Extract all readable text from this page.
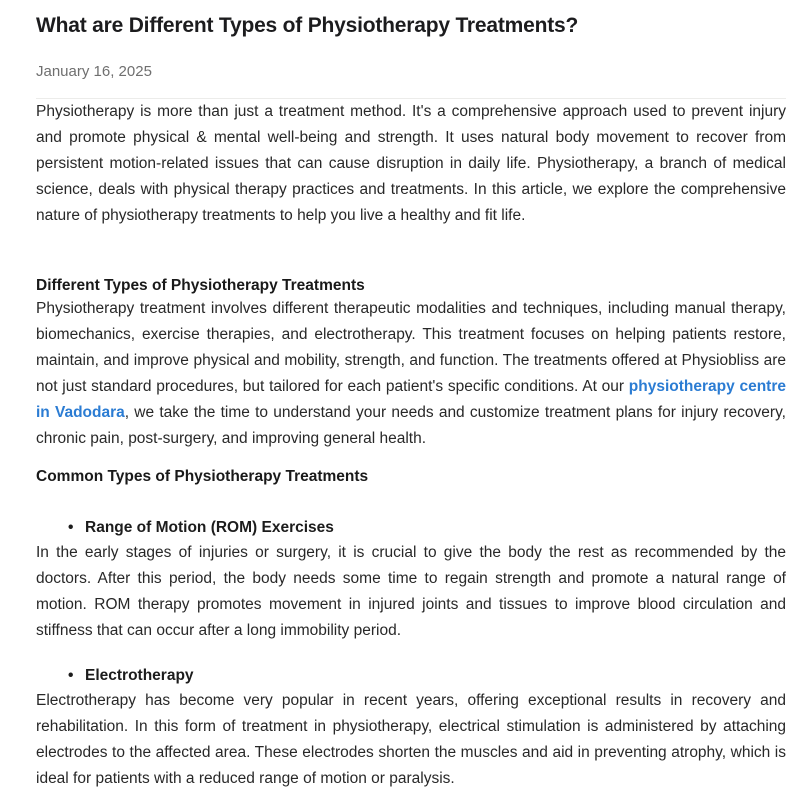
What are Different Types of Physiotherapy Treatments?
January 16, 2025

Physiotherapy is more than just a treatment method. It's a comprehensive approach used to prevent injury and promote physical & mental well-being and strength. It uses natural body movement to recover from persistent motion-related issues that can cause disruption in daily life. Physiotherapy, a branch of medical science, deals with physical therapy practices and treatments. In this article, we explore the comprehensive nature of physiotherapy treatments to help you live a healthy and fit life.

Different Types of Physiotherapy Treatments

Physiotherapy treatment involves different therapeutic modalities and techniques, including manual therapy, biomechanics, exercise therapies, and electrotherapy. This treatment focuses on helping patients restore, maintain, and improve physical and mobility, strength, and function. The treatments offered at Physiobliss are not just standard procedures, but tailored for each patient's specific conditions. At our physiotherapy centre in Vadodara, we take the time to understand your needs and customize treatment plans for injury recovery, chronic pain, post-surgery, and improving general health.

Common Types of Physiotherapy Treatments
• Range of Motion (ROM) Exercises

In the early stages of injuries or surgery, it is crucial to give the body the rest as recommended by the doctors. After this period, the body needs some time to regain strength and promote a natural range of motion. ROM therapy promotes movement in injured joints and tissues to improve blood circulation and stiffness that can occur after a long immobility period.

• Electrotherapy

Electrotherapy has become very popular in recent years, offering exceptional results in recovery and rehabilitation. In this form of treatment in physiotherapy, electrical stimulation is administered by attaching electrodes to the affected area. These electrodes shorten the muscles and aid in preventing atrophy, which is ideal for patients with a reduced range of motion or paralysis.
